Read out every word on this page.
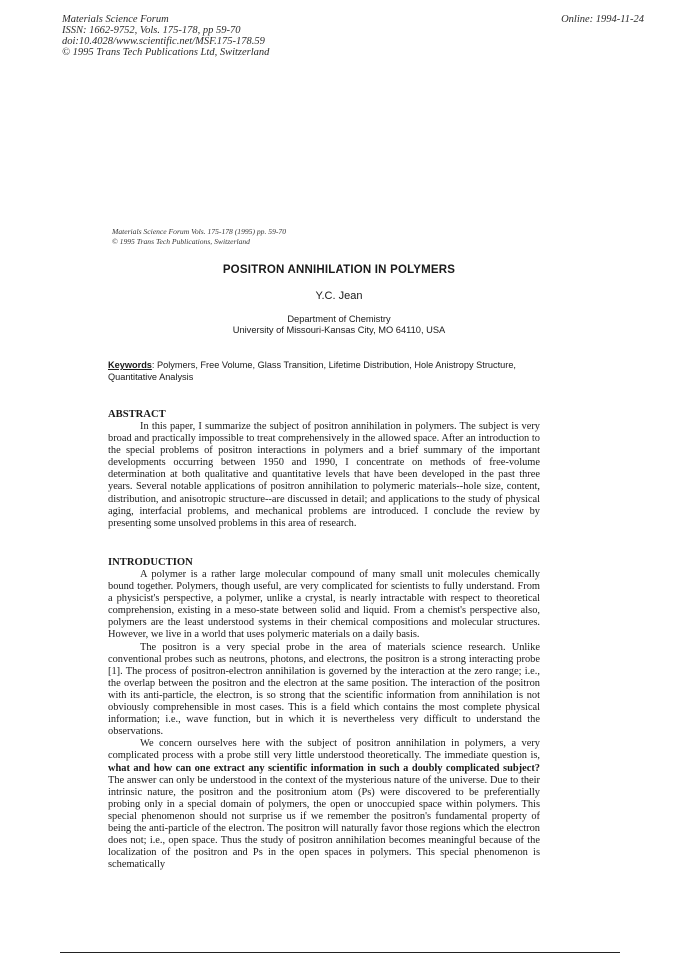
Materials Science Forum
ISSN: 1662-9752, Vols. 175-178, pp 59-70
doi:10.4028/www.scientific.net/MSF.175-178.59
© 1995 Trans Tech Publications Ltd, Switzerland
Online: 1994-11-24
Materials Science Forum Vols. 175-178 (1995) pp. 59-70
© 1995 Trans Tech Publications, Switzerland
POSITRON ANNIHILATION IN POLYMERS
Y.C. Jean
Department of Chemistry
University of Missouri-Kansas City, MO 64110, USA
Keywords: Polymers, Free Volume, Glass Transition, Lifetime Distribution, Hole Anistropy Structure, Quantitative Analysis
ABSTRACT

In this paper, I summarize the subject of positron annihilation in polymers. The subject is very broad and practically impossible to treat comprehensively in the allowed space. After an introduction to the special problems of positron interactions in polymers and a brief summary of the important developments occurring between 1950 and 1990, I concentrate on methods of free-volume determination at both qualitative and quantitative levels that have been developed in the past three years. Several notable applications of positron annihilation to polymeric materials--hole size, content, distribution, and anisotropic structure--are discussed in detail; and applications to the study of physical aging, interfacial problems, and mechanical problems are introduced. I conclude the review by presenting some unsolved problems in this area of research.

INTRODUCTION

A polymer is a rather large molecular compound of many small unit molecules chemically bound together. Polymers, though useful, are very complicated for scientists to fully understand. From a physicist's perspective, a polymer, unlike a crystal, is nearly intractable with respect to theoretical comprehension, existing in a meso-state between solid and liquid. From a chemist's perspective also, polymers are the least understood systems in their chemical compositions and molecular structures. However, we live in a world that uses polymeric materials on a daily basis.

The positron is a very special probe in the area of materials science research. Unlike conventional probes such as neutrons, photons, and electrons, the positron is a strong interacting probe [1]. The process of positron-electron annihilation is governed by the interaction at the zero range; i.e., the overlap between the positron and the electron at the same position. The interaction of the positron with its anti-particle, the electron, is so strong that the scientific information from annihilation is not obviously comprehensible in most cases. This is a field which contains the most complete physical information; i.e., wave function, but in which it is nevertheless very difficult to understand the observations.

We concern ourselves here with the subject of positron annihilation in polymers, a very complicated process with a probe still very little understood theoretically. The immediate question is, what and how can one extract any scientific information in such a doubly complicated subject? The answer can only be understood in the context of the mysterious nature of the universe. Due to their intrinsic nature, the positron and the positronium atom (Ps) were discovered to be preferentially probing only in a special domain of polymers, the open or unoccupied space within polymers. This special phenomenon should not surprise us if we remember the positron's fundamental property of being the anti-particle of the electron. The positron will naturally favor those regions which the electron does not; i.e., open space. Thus the study of positron annihilation becomes meaningful because of the localization of the positron and Ps in the open spaces in polymers. This special phenomenon is schematically
